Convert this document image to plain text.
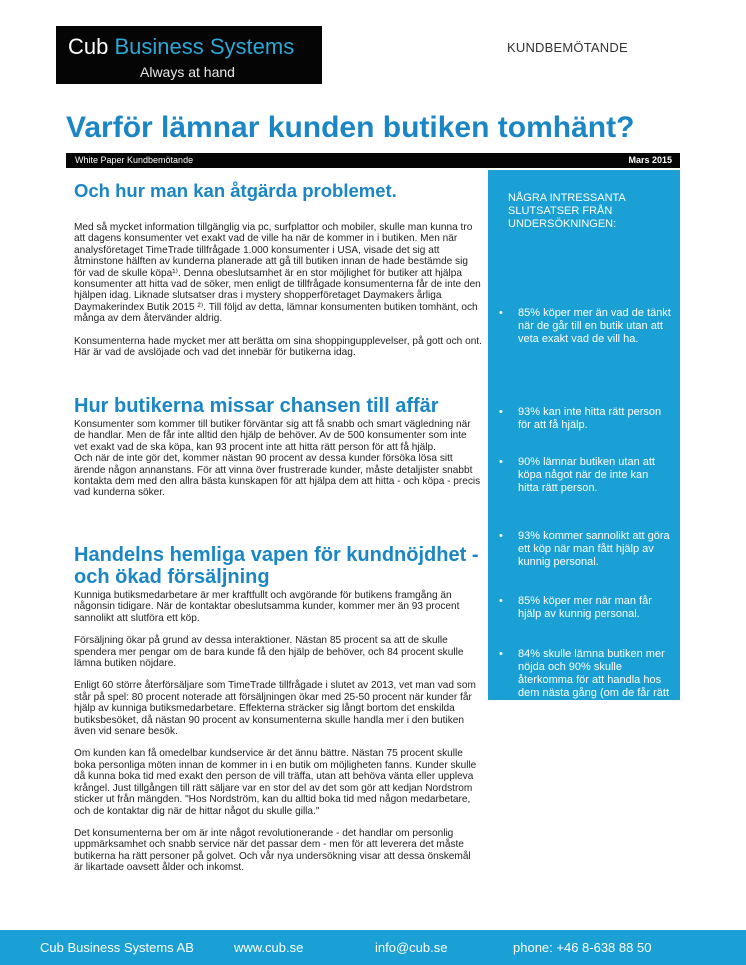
Cub Business Systems
Always at hand
KUNDBEMÖTANDE
Varför lämnar kunden butiken tomhänt?
White Paper Kundbemötande	Mars 2015
Och hur man kan åtgärda problemet.

Med så mycket information tillgänglig via pc, surfplattor och mobiler, skulle man kunna tro att dagens konsumenter vet exakt vad de ville ha när de kommer in i butiken. Men när analysföretaget TimeTrade tillfrågade 1.000 konsumenter i USA, visade det sig att åtminstone hälften av kunderna planerade att gå till butiken innan de hade bestämde sig för vad de skulle köpa¹⁾. Denna obeslutsamhet är en stor möjlighet för butiker att hjälpa konsumenter att hitta vad de söker, men enligt de tillfrågade konsumenterna får de inte den hjälpen idag. Liknade slutsatser dras i mystery shopperföretaget Daymakers årliga Daymakerindex Butik 2015 ²⁾. Till följd av detta, lämnar konsumenten butiken tomhänt, och många av dem återvänder aldrig.

Konsumenterna hade mycket mer att berätta om sina shoppingupplevelser, på gott och ont. Här är vad de avslöjade och vad det innebär för butikerna idag.

Hur butikerna missar chansen till affär

Konsumenter som kommer till butiker förväntar sig att få snabb och smart vägledning när de handlar. Men de får inte alltid den hjälp de behöver. Av de 500 konsumenter som inte vet exakt vad de ska köpa, kan 93 procent inte att hitta rätt person för att få hjälp.

Och när de inte gör det, kommer nästan 90 procent av dessa kunder försöka lösa sitt ärende någon annanstans. För att vinna över frustrerade kunder, måste detaljister snabbt kontakta dem med den allra bästa kunskapen för att hjälpa dem att hitta - och köpa - precis vad kunderna söker.

Handelns hemliga vapen för kundnöjdhet -
och ökad försäljning

Kunniga butiksmedarbetare är mer kraftfullt och avgörande för butikens framgång än någonsin tidigare. När de kontaktar obeslutsamma kunder, kommer mer än 93 procent sannolikt att slutföra ett köp.

Försäljning ökar på grund av dessa interaktioner. Nästan 85 procent sa att de skulle spendera mer pengar om de bara kunde få den hjälp de behöver, och 84 procent skulle lämna butiken nöjdare.

Enligt 60 större återförsäljare som TimeTrade tillfrågade i slutet av 2013, vet man vad som står på spel: 80 procent noterade att försäljningen ökar med 25-50 procent när kunder får hjälp av kunniga butiksmedarbetare. Effekterna sträcker sig långt bortom det enskilda butiksbesöket, då nästan 90 procent av konsumenterna skulle handla mer i den butiken även vid senare besök.

Om kunden kan få omedelbar kundservice är det ännu bättre. Nästan 75 procent skulle boka personliga möten innan de kommer in i en butik om möjligheten fanns. Kunder skulle då kunna boka tid med exakt den person de vill träffa, utan att behöva vänta eller uppleva krångel. Just tillgången till rätt säljare var en stor del av det som gör att kedjan Nordstrom sticker ut från mängden. "Hos Nordström, kan du alltid boka tid med någon medarbetare, och de kontaktar dig när de hittar något du skulle gilla."

Det konsumenterna ber om är inte något revolutionerande - det handlar om personlig uppmärksamhet och snabb service när det passar dem - men för att leverera det måste butikerna ha rätt personer på golvet. Och vår nya undersökning visar att dessa önskemål är likartade oavsett ålder och inkomst.

NÅGRA INTRESSANTA SLUTSATSER FRÅN UNDERSÖKNINGEN:
• 85% köper mer än vad de tänkt när de går till en butik utan att veta exakt vad de vill ha.
• 93% kan inte hitta rätt person för att få hjälp.
• 90% lämnar butiken utan att köpa något när de inte kan hitta rätt person.
• 93% kommer sannolikt att göra ett köp när man fått hjälp av kunnig personal.
• 85% köper mer när man får hjälp av kunnig personal.
• 84% skulle lämna butiken mer nöjda och 90% skulle återkomma för att handla hos dem nästa gång (om de får rätt hjälp).
• 75% skulle boka en personlig tid i förväg om möjlighet.
Cub Business Systems AB	www.cub.se	info@cub.se	phone: +46 8-638 88 50
